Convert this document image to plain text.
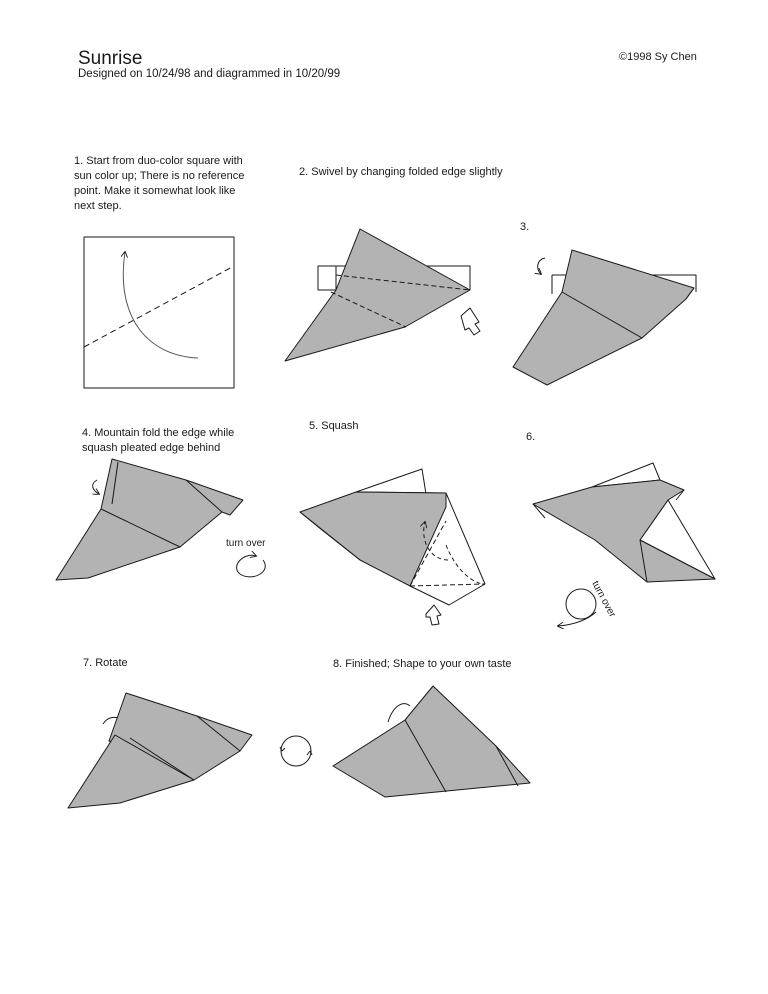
Sunrise
Designed on 10/24/98 and diagrammed in 10/20/99
©1998 Sy Chen
1. Start from duo-color square with
sun color up; There is no reference
point. Make it somewhat look like
next step.
2. Swivel by changing folded edge slightly
3.
4. Mountain fold the edge while
squash pleated edge behind
5. Squash
6.
7. Rotate	8. Finished; Shape to your own taste
turn over
turn over
